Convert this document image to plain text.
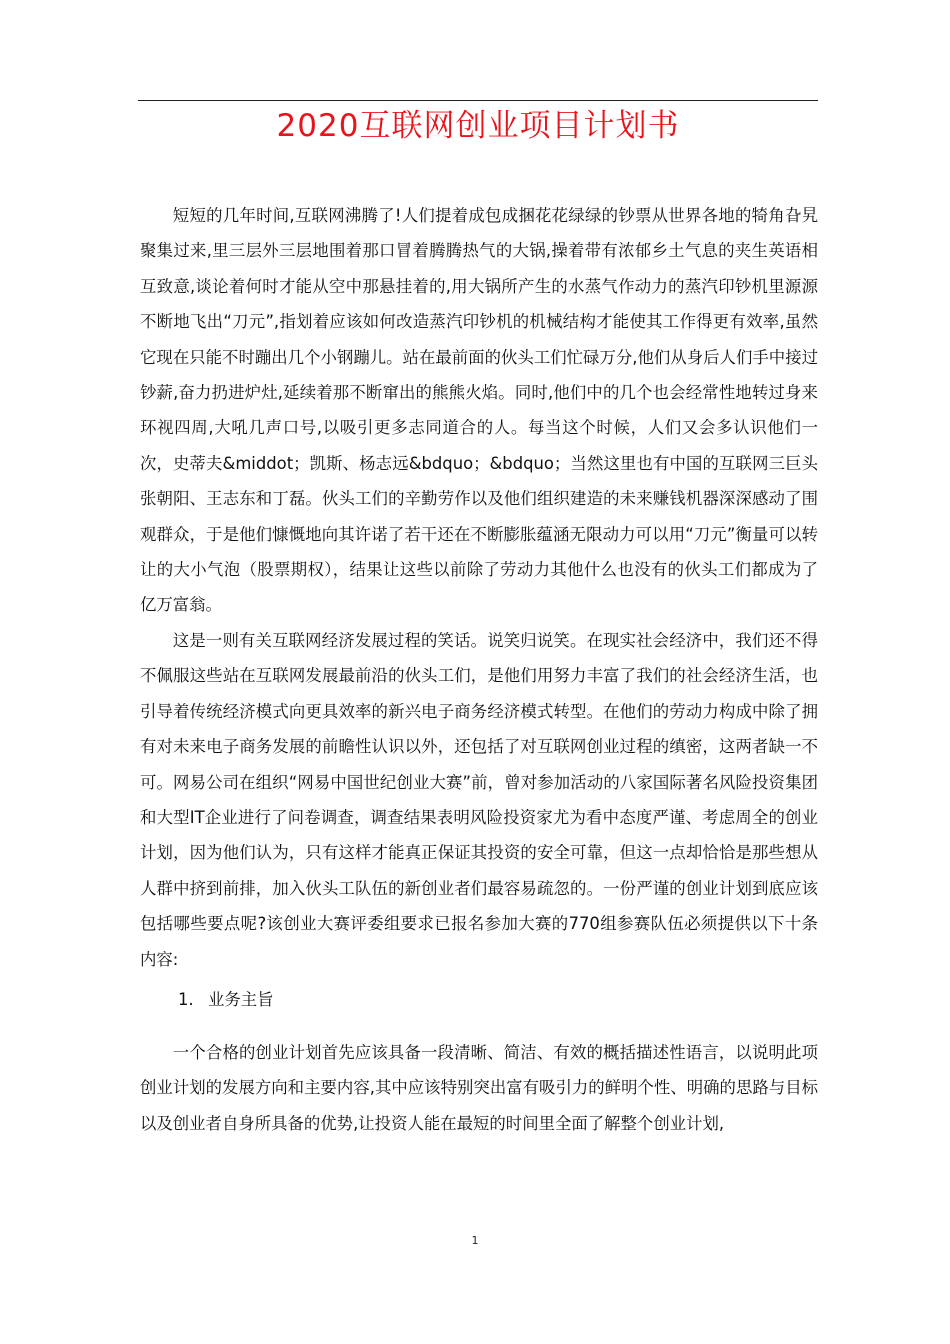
2020互联网创业项目计划书

短短的几年时间,互联网沸腾了!人们提着成包成捆花花绿绿的钞票从世界各地的犄角旮旯聚集过来,里三层外三层地围着那口冒着腾腾热气的大锅,操着带有浓郁乡土气息的夹生英语相互致意,谈论着何时才能从空中那悬挂着的,用大锅所产生的水蒸气作动力的蒸汽印钞机里源源不断地飞出“刀元”,指划着应该如何改造蒸汽印钞机的机械结构才能使其工作得更有效率,虽然它现在只能不时蹦出几个小钢蹦儿。站在最前面的伙头工们忙碌万分,他们从身后人们手中接过钞薪,奋力扔进炉灶,延续着那不断窜出的熊熊火焰。同时,他们中的几个也会经常性地转过身来环视四周,大吼几声口号,以吸引更多志同道合的人。每当这个时候，人们又会多认识他们一次，史蒂夫&middot；凯斯、杨志远&bdquo；&bdquo；当然这里也有中国的互联网三巨头张朝阳、王志东和丁磊。伙头工们的辛勤劳作以及他们组织建造的未来赚钱机器深深感动了围观群众，于是他们慷慨地向其许诺了若干还在不断膨胀蕴涵无限动力可以用“刀元”衡量可以转让的大小气泡（股票期权），结果让这些以前除了劳动力其他什么也没有的伙头工们都成为了亿万富翁。

这是一则有关互联网经济发展过程的笑话。说笑归说笑。在现实社会经济中，我们还不得不佩服这些站在互联网发展最前沿的伙头工们，是他们用努力丰富了我们的社会经济生活，也引导着传统经济模式向更具效率的新兴电子商务经济模式转型。在他们的劳动力构成中除了拥有对未来电子商务发展的前瞻性认识以外，还包括了对互联网创业过程的缜密，这两者缺一不可。网易公司在组织“网易中国世纪创业大赛”前，曾对参加活动的八家国际著名风险投资集团和大型IT企业进行了问卷调查，调查结果表明风险投资家尤为看中态度严谨、考虑周全的创业计划，因为他们认为，只有这样才能真正保证其投资的安全可靠，但这一点却恰恰是那些想从人群中挤到前排，加入伙头工队伍的新创业者们最容易疏忽的。一份严谨的创业计划到底应该包括哪些要点呢?该创业大赛评委组要求已报名参加大赛的770组参赛队伍必须提供以下十条内容:

1. 业务主旨

一个合格的创业计划首先应该具备一段清晰、简洁、有效的概括描述性语言，以说明此项创业计划的发展方向和主要内容,其中应该特别突出富有吸引力的鲜明个性、明确的思路与目标以及创业者自身所具备的优势,让投资人能在最短的时间里全面了解整个创业计划,

1
